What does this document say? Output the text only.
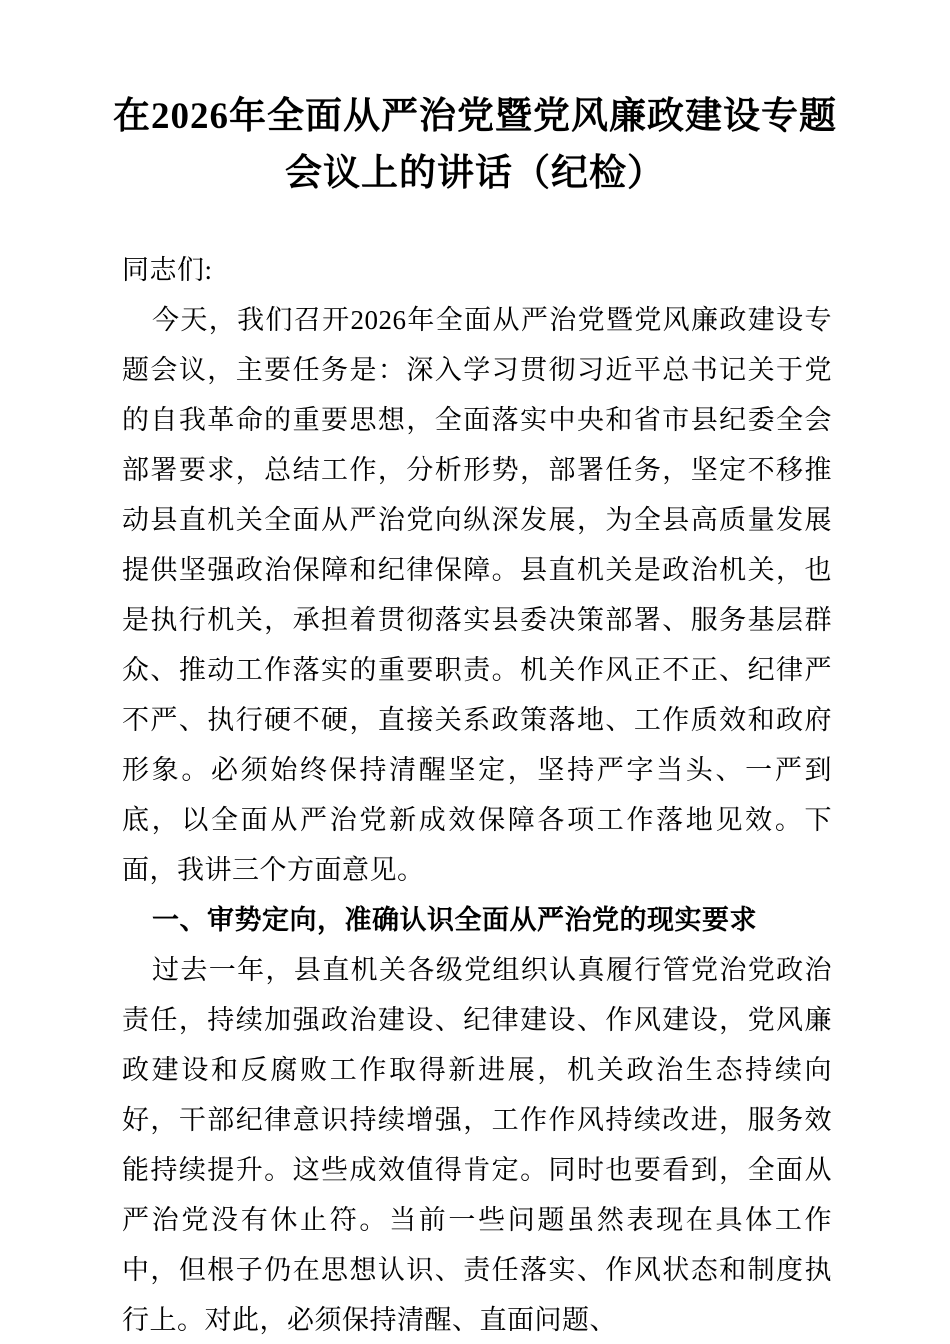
在2026年全面从严治党暨党风廉政建设专题
会议上的讲话（纪检）

同志们:

今天，我们召开2026年全面从严治党暨党风廉政建设专题会议，主要任务是：深入学习贯彻习近平总书记关于党的自我革命的重要思想，全面落实中央和省市县纪委全会部署要求，总结工作，分析形势，部署任务，坚定不移推动县直机关全面从严治党向纵深发展，为全县高质量发展提供坚强政治保障和纪律保障。县直机关是政治机关，也是执行机关，承担着贯彻落实县委决策部署、服务基层群众、推动工作落实的重要职责。机关作风正不正、纪律严不严、执行硬不硬，直接关系政策落地、工作质效和政府形象。必须始终保持清醒坚定，坚持严字当头、一严到底，以全面从严治党新成效保障各项工作落地见效。下面，我讲三个方面意见。

一、审势定向，准确认识全面从严治党的现实要求

过去一年，县直机关各级党组织认真履行管党治党政治责任，持续加强政治建设、纪律建设、作风建设，党风廉政建设和反腐败工作取得新进展，机关政治生态持续向好，干部纪律意识持续增强，工作作风持续改进，服务效能持续提升。这些成效值得肯定。同时也要看到，全面从严治党没有休止符。当前一些问题虽然表现在具体工作中，但根子仍在思想认识、责任落实、作风状态和制度执行上。对此，必须保持清醒、直面问题、
